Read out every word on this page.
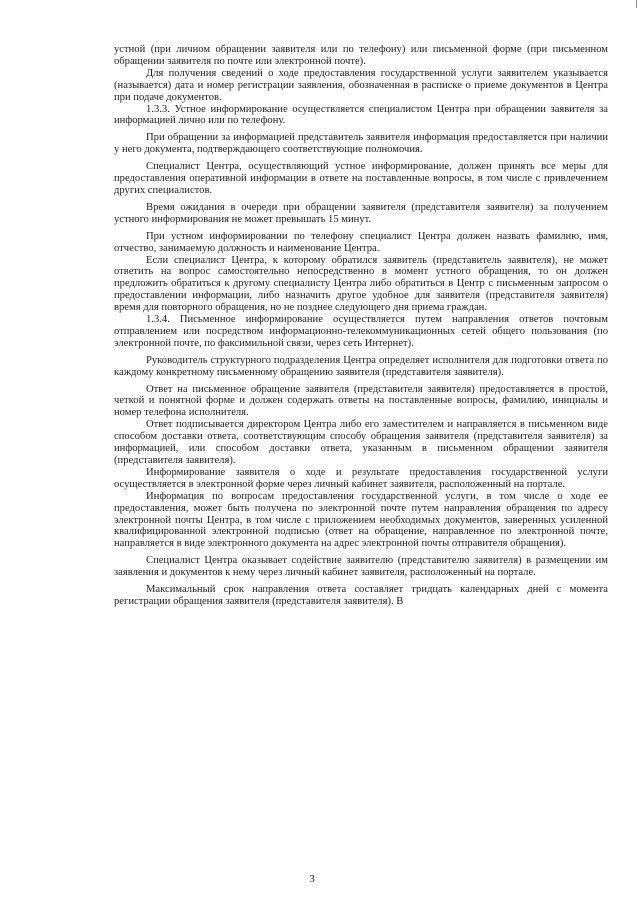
устной (при личном обращении заявителя или по телефону) или письменной форме (при письменном обращении заявителя по почте или электронной почте).

Для получения сведений о ходе предоставления государственной услуги заявителем указывается (называется) дата и номер регистрации заявления, обозначенная в расписке о приеме документов в Центра при подаче документов.

1.3.3. Устное информирование осуществляется специалистом Центра при обращении заявителя за информацией лично или по телефону.

При обращении за информацией представитель заявителя информация предоставляется при наличии у него документа, подтверждающего соответствующие полномочия.

Специалист Центра, осуществляющий устное информирование, должен принять все меры для предоставления оперативной информации в ответе на поставленные вопросы, в том числе с привлечением других специалистов.

Время ожидания в очереди при обращении заявителя (представителя заявителя) за получением устного информирования не может превышать 15 минут.

При устном информировании по телефону специалист Центра должен назвать фамилию, имя, отчество, занимаемую должность и наименование Центра.

Если специалист Центра, к которому обратился заявитель (представитель заявителя), не может ответить на вопрос самостоятельно непосредственно в момент устного обращения, то он должен предложить обратиться к другому специалисту Центра либо обратиться в Центр с письменным запросом о предоставлении информации, либо назначить другое удобное для заявителя (представителя заявителя) время для повторного обращения, но не позднее следующего дня приема граждан.

1.3.4. Письменное информирование осуществляется путем направления ответов почтовым отправлением или посредством информационно-телекоммуникационных сетей общего пользования (по электронной почте, по факсимильной связи, через сеть Интернет).

Руководитель структурного подразделения Центра определяет исполнителя для подготовки ответа по каждому конкретному письменному обращению заявителя (представителя заявителя).

Ответ на письменное обращение заявителя (представителя заявителя) предоставляется в простой, четкой и понятной форме и должен содержать ответы на поставленные вопросы, фамилию, инициалы и номер телефона исполнителя.

Ответ подписывается директором Центра либо его заместителем и направляется в письменном виде способом доставки ответа, соответствующим способу обращения заявителя (представителя заявителя) за информацией, или способом доставки ответа, указанным в письменном обращении заявителя (представителя заявителя).

Информирование заявителя о ходе и результате предоставления государственной услуги осуществляется в электронной форме через личный кабинет заявителя, расположенный на портале.

Информация по вопросам предоставления государственной услуги, в том числе о ходе ее предоставления, может быть получена по электронной почте путем направления обращения по адресу электронной почты Центра, в том числе с приложением необходимых документов, заверенных усиленной квалифицированной электронной подписью (ответ на обращение, направленное по электронной почте, направляется в виде электронного документа на адрес электронной почты отправителя обращения).

Специалист Центра оказывает содействие заявителю (представителю заявителя) в размещении им заявления и документов к нему через личный кабинет заявителя, расположенный на портале.

Максимальный срок направления ответа составляет тридцать календарных дней с момента регистрации обращения заявителя (представителя заявителя). В

3
